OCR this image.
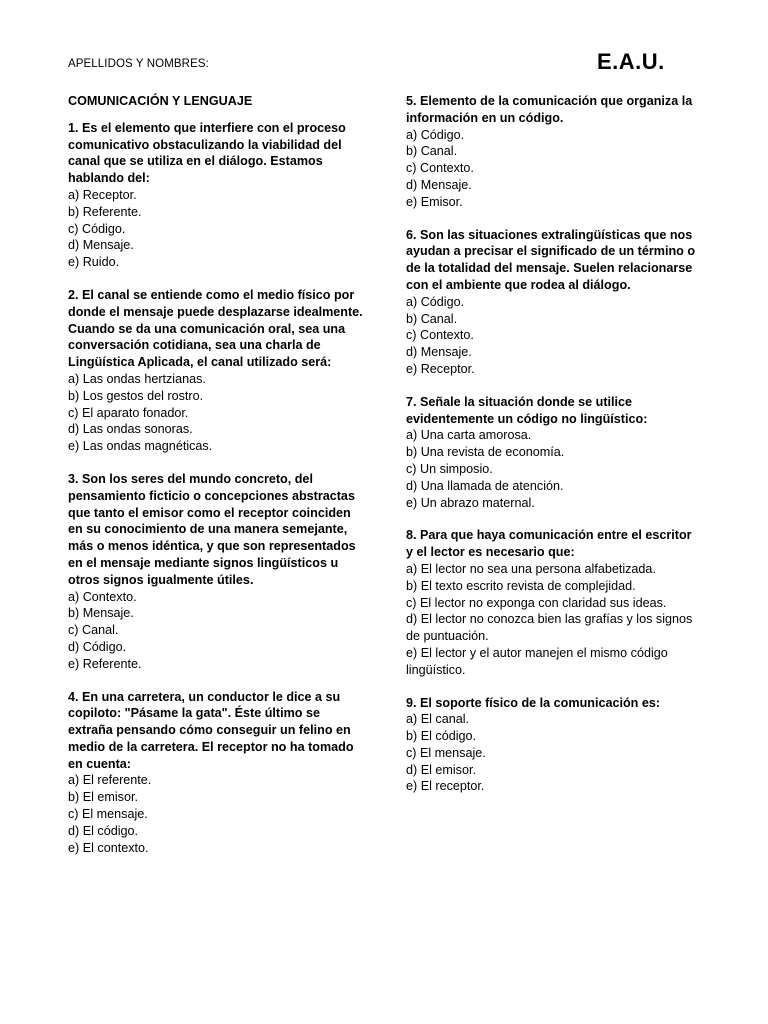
APELLIDOS Y NOMBRES:	E.A.U.
COMUNICACIÓN Y LENGUAJE
1. Es el elemento que interfiere con el proceso comunicativo obstaculizando la viabilidad del canal que se utiliza en el diálogo. Estamos hablando del:
a) Receptor.
b) Referente.
c) Código.
d) Mensaje.
e) Ruido.
2. El canal se entiende como el medio físico por donde el mensaje puede desplazarse idealmente. Cuando se da una comunicación oral, sea una conversación cotidiana, sea una charla de Lingüística Aplicada, el canal utilizado será:
a) Las ondas hertzianas.
b) Los gestos del rostro.
c) El aparato fonador.
d) Las ondas sonoras.
e) Las ondas magnéticas.
3. Son los seres del mundo concreto, del pensamiento ficticio o concepciones abstractas que tanto el emisor como el receptor coinciden en su conocimiento de una manera semejante, más o menos idéntica, y que son representados en el mensaje mediante signos lingüísticos u otros signos igualmente útiles.
a) Contexto.
b) Mensaje.
c) Canal.
d) Código.
e) Referente.
4. En una carretera, un conductor le dice a su copiloto: "Pásame la gata". Éste último se extraña pensando cómo conseguir un felino en medio de la carretera. El receptor no ha tomado en cuenta:
a) El referente.
b) El emisor.
c) El mensaje.
d) El código.
e) El contexto.
5. Elemento de la comunicación que organiza la información en un código.
a) Código.
b) Canal.
c) Contexto.
d) Mensaje.
e) Emisor.
6. Son las situaciones extralingüísticas que nos ayudan a precisar el significado de un término o de la totalidad del mensaje. Suelen relacionarse con el ambiente que rodea al diálogo.
a) Código.
b) Canal.
c) Contexto.
d) Mensaje.
e) Receptor.
7. Señale la situación donde se utilice evidentemente un código no lingüístico:
a) Una carta amorosa.
b) Una revista de economía.
c) Un simposio.
d) Una llamada de atención.
e) Un abrazo maternal.
8. Para que haya comunicación entre el escritor y el lector es necesario que:
a) El lector no sea una persona alfabetizada.
b) El texto escrito revista de complejidad.
c) El lector no exponga con claridad sus ideas.
d) El lector no conozca bien las grafías y los signos de puntuación.
e) El lector y el autor manejen el mismo código lingüístico.
9. El soporte físico de la comunicación es:
a) El canal.
b) El código.
c) El mensaje.
d) El emisor.
e) El receptor.
